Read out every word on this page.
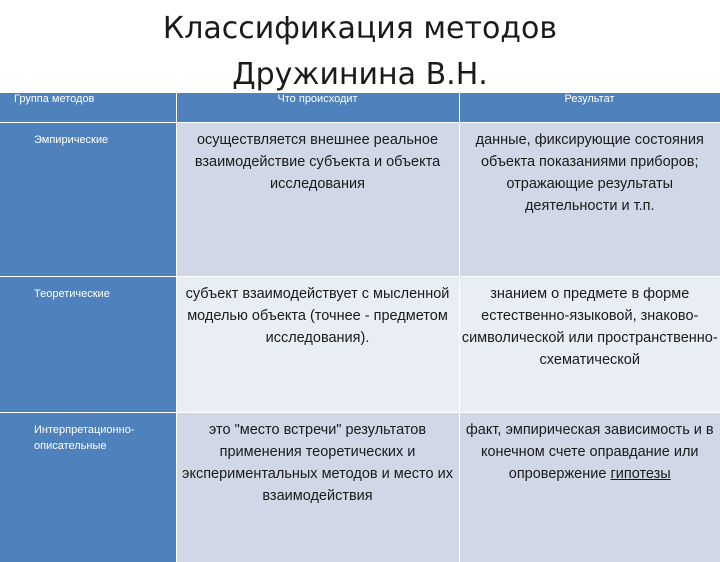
Классификация методов
Дружинина В.Н.
Группа методов	Что происходит	Результат
Эмпирические	осуществляется внешнее реальное взаимодействие субъекта и объекта исследования	данные, фиксирующие состояния объекта показаниями приборов; отражающие результаты деятельности и т.п.
Теоретические	субъект взаимодействует с мысленной моделью объекта (точнее - предметом исследования).	знанием о предмете в форме естественно-языковой, знаково-символической или пространственно-схематической
Интерпретационно-описательные	это "место встречи" результатов применения теоретических и экспериментальных методов и место их взаимодействия	факт, эмпирическая зависимость и в конечном счете оправдание или опровержение гипотезы
